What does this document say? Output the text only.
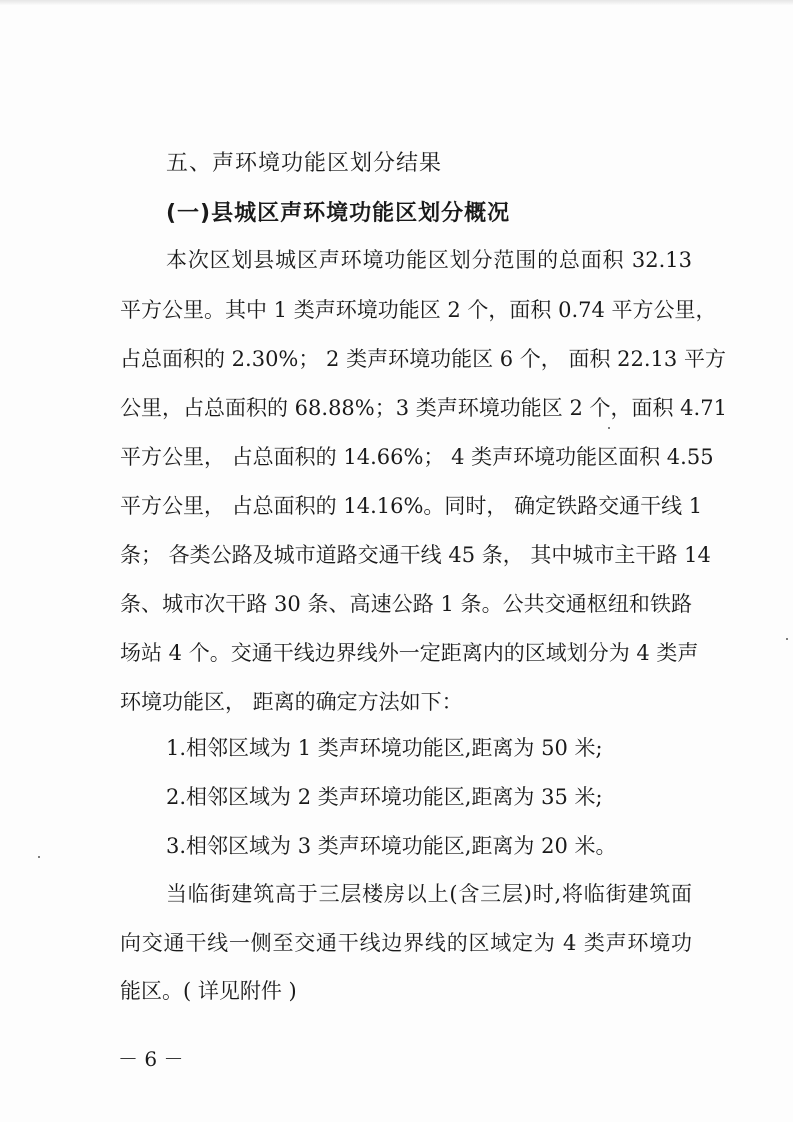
五、声环境功能区划分结果
(一)县城区声环境功能区划分概况
本次区划县城区声环境功能区划分范围的总面积 32.13
平方公里。其中 1 类声环境功能区 2 个，面积 0.74 平方公里，
占总面积的 2.30%； 2 类声环境功能区 6 个， 面积 22.13 平方
公里，占总面积的 68.88%；3 类声环境功能区 2 个，面积 4.71
平方公里， 占总面积的 14.66%； 4 类声环境功能区面积 4.55
平方公里， 占总面积的 14.16%。同时， 确定铁路交通干线 1
条； 各类公路及城市道路交通干线 45 条， 其中城市主干路 14
条、城市次干路 30 条、高速公路 1 条。公共交通枢纽和铁路
场站 4 个。交通干线边界线外一定距离内的区域划分为 4 类声
环境功能区， 距离的确定方法如下：
1.相邻区域为 1 类声环境功能区,距离为 50 米;
2.相邻区域为 2 类声环境功能区,距离为 35 米;
3.相邻区域为 3 类声环境功能区,距离为 20 米。
当临街建筑高于三层楼房以上(含三层)时,将临街建筑面
向交通干线一侧至交通干线边界线的区域定为 4 类声环境功
能区。( 详见附件 )
－ 6 －
